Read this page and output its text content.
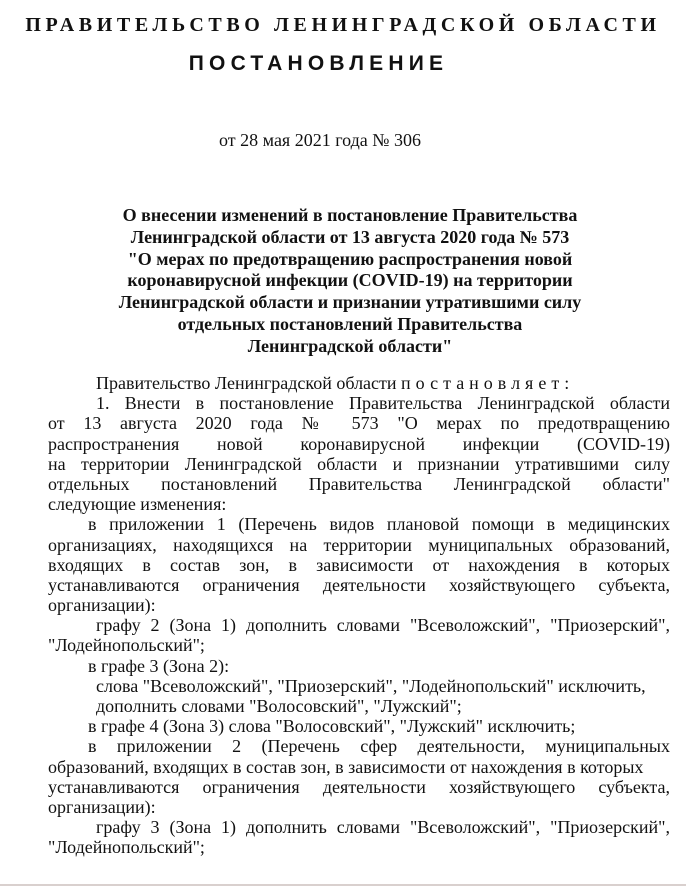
ПРАВИТЕЛЬСТВО ЛЕНИНГРАДСКОЙ ОБЛАСТИ
ПОСТАНОВЛЕНИЕ
от 28 мая 2021 года № 306
О внесении изменений в постановление Правительства
Ленинградской области от 13 августа 2020 года № 573
"О мерах по предотвращению распространения новой
коронавирусной инфекции (COVID-19) на территории
Ленинградской области и признании утратившими силу
отдельных постановлений Правительства
Ленинградской области"
Правительство Ленинградской области постановляет:
1. Внести в постановление Правительства Ленинградской области
от 13 августа 2020 года № 573 "О мерах по предотвращению
распространения новой коронавирусной инфекции (COVID-19)
на территории Ленинградской области и признании утратившими силу
отдельных постановлений Правительства Ленинградской области"
следующие изменения:
в приложении 1 (Перечень видов плановой помощи в медицинских
организациях, находящихся на территории муниципальных образований,
входящих в состав зон, в зависимости от нахождения в которых
устанавливаются ограничения деятельности хозяйствующего субъекта,
организации):
графу 2 (Зона 1) дополнить словами "Всеволожский", "Приозерский",
"Лодейнопольский";
в графе 3 (Зона 2):
слова "Всеволожский", "Приозерский", "Лодейнопольский" исключить,
дополнить словами "Волосовский", "Лужский";
в графе 4 (Зона 3) слова "Волосовский", "Лужский" исключить;
в приложении 2 (Перечень сфер деятельности, муниципальных
образований, входящих в состав зон, в зависимости от нахождения в которых
устанавливаются ограничения деятельности хозяйствующего субъекта,
организации):
графу 3 (Зона 1) дополнить словами "Всеволожский", "Приозерский",
"Лодейнопольский";
